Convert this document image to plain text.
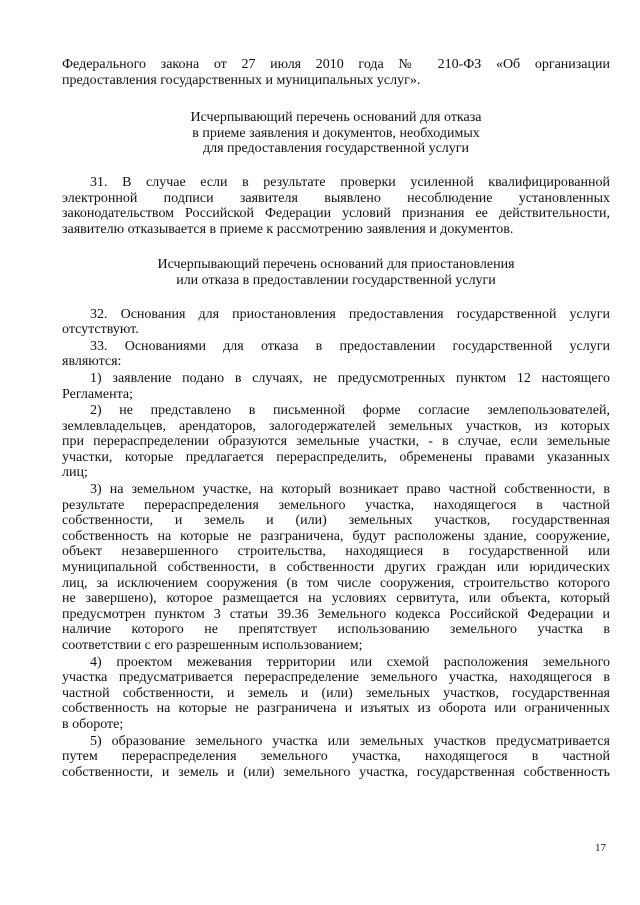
Федерального закона от 27 июля 2010 года № 210-ФЗ «Об организации
предоставления государственных и муниципальных услуг».
Исчерпывающий перечень оснований для отказа
в приеме заявления и документов, необходимых
для предоставления государственной услуги
31. В случае если в результате проверки усиленной квалифицированной
электронной подписи заявителя выявлено несоблюдение установленных
законодательством Российской Федерации условий признания ее действительности,
заявителю отказывается в приеме к рассмотрению заявления и документов.
Исчерпывающий перечень оснований для приостановления
или отказа в предоставлении государственной услуги
32. Основания для приостановления предоставления государственной услуги
отсутствуют.
33. Основаниями для отказа в предоставлении государственной услуги
являются:
1) заявление подано в случаях, не предусмотренных пунктом 12 настоящего
Регламента;
2) не представлено в письменной форме согласие землепользователей,
землевладельцев, арендаторов, залогодержателей земельных участков, из которых
при перераспределении образуются земельные участки, - в случае, если земельные
участки, которые предлагается перераспределить, обременены правами указанных
лиц;
3) на земельном участке, на который возникает право частной собственности, в
результате перераспределения земельного участка, находящегося в частной
собственности, и земель и (или) земельных участков, государственная
собственность на которые не разграничена, будут расположены здание, сооружение,
объект незавершенного строительства, находящиеся в государственной или
муниципальной собственности, в собственности других граждан или юридических
лиц, за исключением сооружения (в том числе сооружения, строительство которого
не завершено), которое размещается на условиях сервитута, или объекта, который
предусмотрен пунктом 3 статьи 39.36 Земельного кодекса Российской Федерации и
наличие которого не препятствует использованию земельного участка в
соответствии с его разрешенным использованием;
4) проектом межевания территории или схемой расположения земельного
участка предусматривается перераспределение земельного участка, находящегося в
частной собственности, и земель и (или) земельных участков, государственная
собственность на которые не разграничена и изъятых из оборота или ограниченных
в обороте;
5) образование земельного участка или земельных участков предусматривается
путем перераспределения земельного участка, находящегося в частной
собственности, и земель и (или) земельного участка, государственная собственность
17
